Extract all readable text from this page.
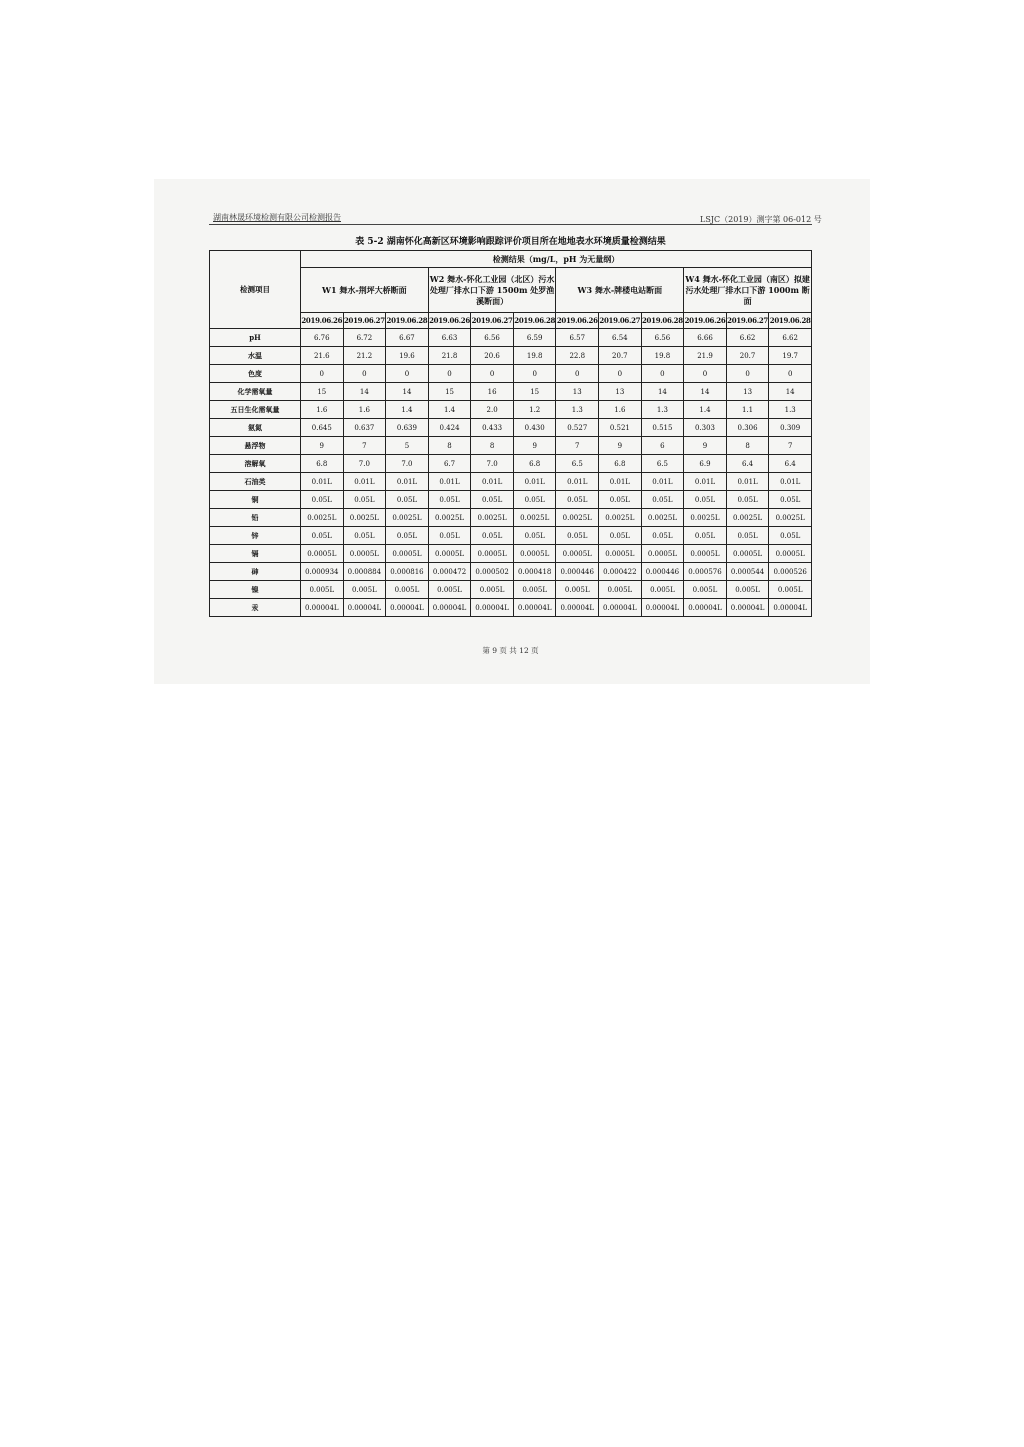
湖南林晟环境检测有限公司检测报告	LSJC（2019）测字第 06-012 号
表 5-2 湖南怀化高新区环境影响跟踪评价项目所在地地表水环境质量检测结果
检测项目	检测结果（mg/L，pH 为无量纲）											
	W1 舞水-荆坪大桥断面			W2 舞水-怀化工业园（北区）污水处理厂排水口下游 1500m 处罗渔溪断面）			W3 舞水-牌楼电站断面			W4 舞水-怀化工业园（南区）拟建污水处理厂排水口下游 1000m 断面		
	2019.06.26	2019.06.27	2019.06.28	2019.06.26	2019.06.27	2019.06.28	2019.06.26	2019.06.27	2019.06.28	2019.06.26	2019.06.27	2019.06.28
pH	6.76	6.72	6.67	6.63	6.56	6.59	6.57	6.54	6.56	6.66	6.62	6.62
水温	21.6	21.2	19.6	21.8	20.6	19.8	22.8	20.7	19.8	21.9	20.7	19.7
色度	0	0	0	0	0	0	0	0	0	0	0	0
化学需氧量	15	14	14	15	16	15	13	13	14	14	13	14
五日生化需氧量	1.6	1.6	1.4	1.4	2.0	1.2	1.3	1.6	1.3	1.4	1.1	1.3
氨氮	0.645	0.637	0.639	0.424	0.433	0.430	0.527	0.521	0.515	0.303	0.306	0.309
悬浮物	9	7	5	8	8	9	7	9	6	9	8	7
溶解氧	6.8	7.0	7.0	6.7	7.0	6.8	6.5	6.8	6.5	6.9	6.4	6.4
石油类	0.01L	0.01L	0.01L	0.01L	0.01L	0.01L	0.01L	0.01L	0.01L	0.01L	0.01L	0.01L
铜	0.05L	0.05L	0.05L	0.05L	0.05L	0.05L	0.05L	0.05L	0.05L	0.05L	0.05L	0.05L
铅	0.0025L	0.0025L	0.0025L	0.0025L	0.0025L	0.0025L	0.0025L	0.0025L	0.0025L	0.0025L	0.0025L	0.0025L
锌	0.05L	0.05L	0.05L	0.05L	0.05L	0.05L	0.05L	0.05L	0.05L	0.05L	0.05L	0.05L
镉	0.0005L	0.0005L	0.0005L	0.0005L	0.0005L	0.0005L	0.0005L	0.0005L	0.0005L	0.0005L	0.0005L	0.0005L
砷	0.000934	0.000884	0.000816	0.000472	0.000502	0.000418	0.000446	0.000422	0.000446	0.000576	0.000544	0.000526
镍	0.005L	0.005L	0.005L	0.005L	0.005L	0.005L	0.005L	0.005L	0.005L	0.005L	0.005L	0.005L
汞	0.00004L	0.00004L	0.00004L	0.00004L	0.00004L	0.00004L	0.00004L	0.00004L	0.00004L	0.00004L	0.00004L	0.00004L
第 9 页 共 12 页
